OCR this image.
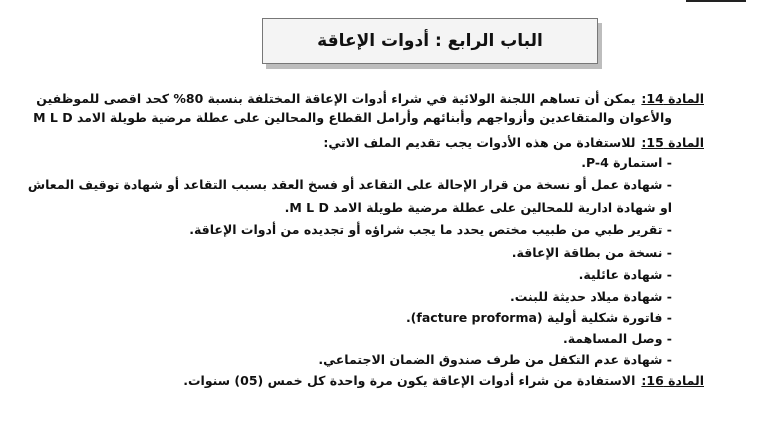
الباب الرابع : أدوات الإعاقة
المادة 14:يمكن أن تساهم اللجنة الولائية في شراء أدوات الإعاقة المختلفة بنسبة 80% كحد اقصى للموظفين
والأعوان والمتقاعدين وأزواجهم وأبنائهم وأرامل القطاع والمحالين على عطلة مرضية طويلة الامد M L D
المادة 15:للاستفادة من هذه الأدوات يجب تقديم الملف الاتي:
- استمارة P-4.
- شهادة عمل أو نسخة من قرار الإحالة على التقاعد أو فسخ العقد بسبب التقاعد أو شهادة توقيف المعاش
او شهادة ادارية للمحالين على عطلة مرضية طويلة الامد M L D.
- تقرير طبي من طبيب مختص يحدد ما يجب شراؤه أو تجديده من أدوات الإعاقة.
- نسخة من بطاقة الإعاقة.
- شهادة عائلية.
- شهادة ميلاد حديثة للبنت.
- فاتورة شكلية أولية (facture proforma).
- وصل المساهمة.
- شهادة عدم التكفل من طرف صندوق الضمان الاجتماعي.
المادة 16:الاستفادة من شراء أدوات الإعاقة يكون مرة واحدة كل خمس (05) سنوات.
